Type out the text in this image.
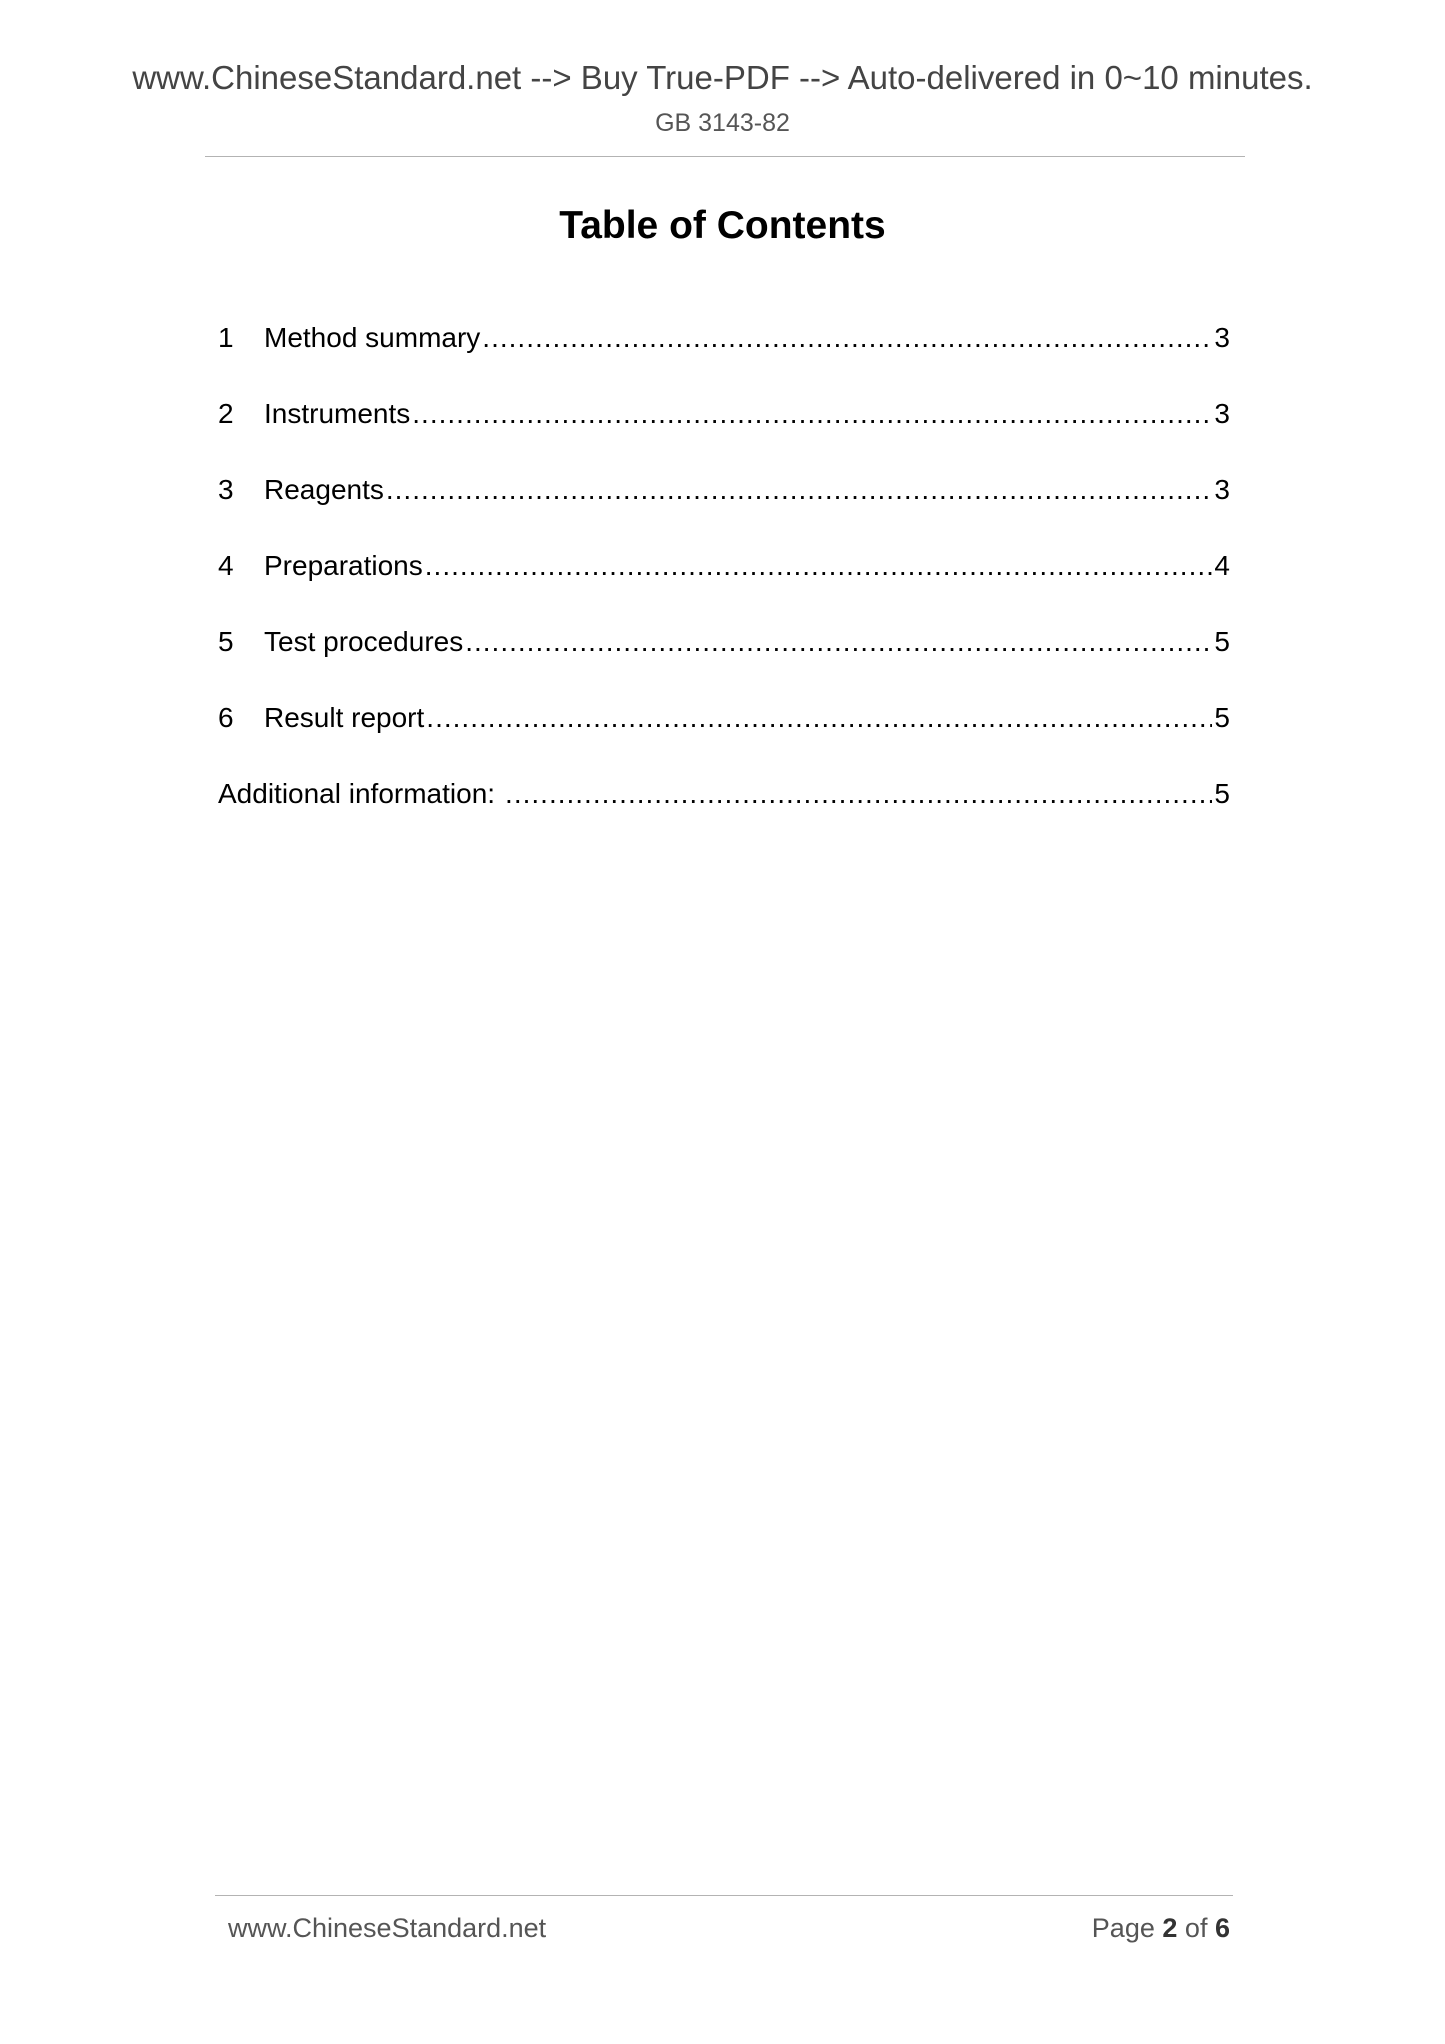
www.ChineseStandard.net --> Buy True-PDF --> Auto-delivered in 0~10 minutes.
GB 3143-82
Table of Contents
1	Method summary .....	3
2	Instruments .....	3
3	Reagents .....	3
4	Preparations .....	4
5	Test procedures .....	5
6	Result report .....	5
Additional information: .....	5
www.ChineseStandard.net	Page 2 of 6
